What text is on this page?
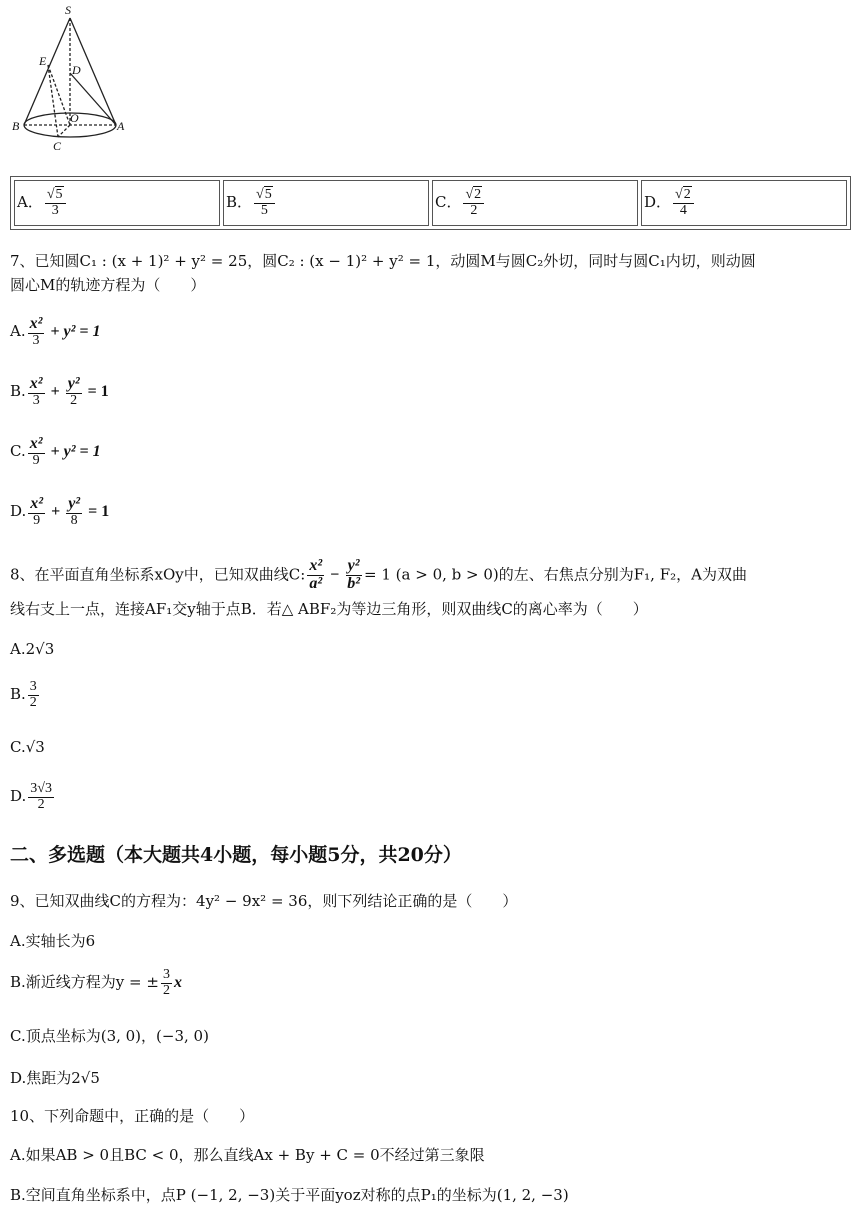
S
E
D
O
B	A
C
A． $\frac{√5}{3}$	B． $\frac{√5}{5}$	C． $\frac{√2}{2}$	D． $\frac{√2}{4}$
7、已知圆C₁ : (x + 1)² + y² = 25，圆C₂ : (x − 1)² + y² = 1，动圆M与圆C₂外切，同时与圆C₁内切，则动圆
圆心M的轨迹方程为（　　）
A. $\frac{\text{x²}}{3} + y^2 = 1$
B. $\frac{\text{x²}}{3} + \frac{\text{y²}}{2} = 1$
C. $\frac{\text{x²}}{9} + y^2 = 1$
D. $\frac{\text{x²}}{9} + \frac{\text{y²}}{8} = 1$
8、在平面直角坐标系xOy中，已知双曲线C: $\frac{\text{x²}}{\text{a²}} - \frac{\text{y²}}{\text{b²}} = 1$ (a > 0, b > 0)的左、右焦点分别为F₁, F₂，A为双曲
线右支上一点，连接AF₁交y轴于点B．若△ ABF₂为等边三角形，则双曲线C的离心率为（　　）
A.2√3
B. $\frac{3}{2}$
C.√3
D. $\frac{3√3}{2}$
二、多选题（本大题共4小题，每小题5分，共20分）
9、已知双曲线C的方程为：4y² − 9x² = 36，则下列结论正确的是（　　）
A.实轴长为6
B.渐近线方程为y = ± $\frac{3}{2}$ x
C.顶点坐标为(3, 0)，(−3, 0)
D.焦距为2√5
10、下列命题中，正确的是（　　）
A.如果AB > 0且BC < 0，那么直线Ax + By + C = 0不经过第三象限
B.空间直角坐标系中，点P (−1, 2, −3)关于平面yoz对称的点P₁的坐标为(1, 2, −3)
